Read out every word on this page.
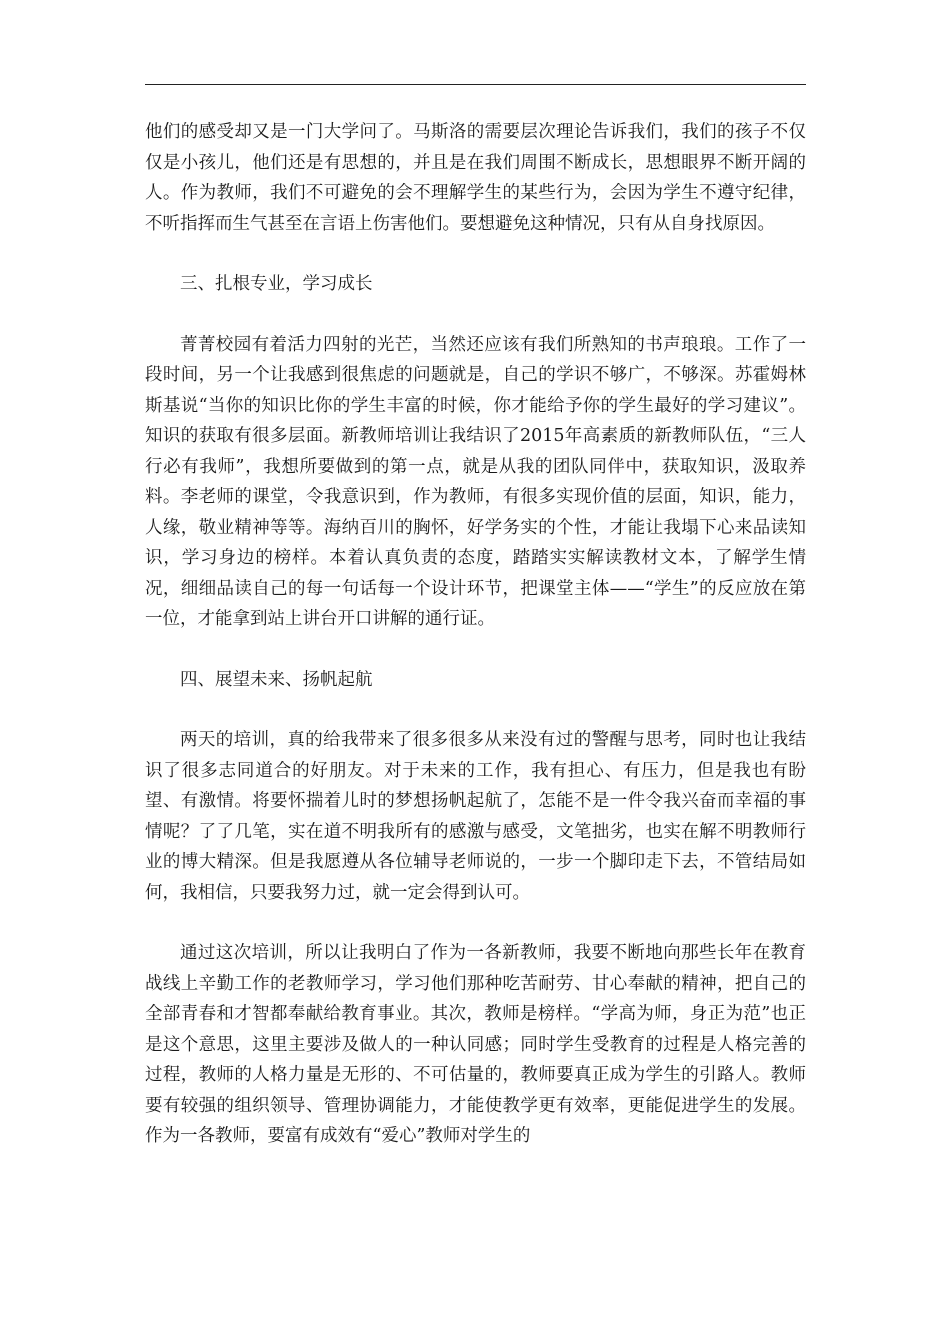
他们的感受却又是一门大学问了。马斯洛的需要层次理论告诉我们，我们的孩子不仅仅是小孩儿，他们还是有思想的，并且是在我们周围不断成长，思想眼界不断开阔的人。作为教师，我们不可避免的会不理解学生的某些行为，会因为学生不遵守纪律，不听指挥而生气甚至在言语上伤害他们。要想避免这种情况，只有从自身找原因。

三、扎根专业，学习成长

菁菁校园有着活力四射的光芒，当然还应该有我们所熟知的书声琅琅。工作了一段时间，另一个让我感到很焦虑的问题就是，自己的学识不够广，不够深。苏霍姆林斯基说“当你的知识比你的学生丰富的时候，你才能给予你的学生最好的学习建议”。知识的获取有很多层面。新教师培训让我结识了2015年高素质的新教师队伍，“三人行必有我师”，我想所要做到的第一点，就是从我的团队同伴中，获取知识，汲取养料。李老师的课堂，令我意识到，作为教师，有很多实现价值的层面，知识，能力，人缘，敬业精神等等。海纳百川的胸怀，好学务实的个性，才能让我塌下心来品读知识，学习身边的榜样。本着认真负责的态度，踏踏实实解读教材文本，了解学生情况，细细品读自己的每一句话每一个设计环节，把课堂主体——“学生”的反应放在第一位，才能拿到站上讲台开口讲解的通行证。

四、展望未来、扬帆起航

两天的培训，真的给我带来了很多很多从来没有过的警醒与思考，同时也让我结识了很多志同道合的好朋友。对于未来的工作，我有担心、有压力，但是我也有盼望、有激情。将要怀揣着儿时的梦想扬帆起航了，怎能不是一件令我兴奋而幸福的事情呢？了了几笔，实在道不明我所有的感激与感受，文笔拙劣，也实在解不明教师行业的博大精深。但是我愿遵从各位辅导老师说的，一步一个脚印走下去，不管结局如何，我相信，只要我努力过，就一定会得到认可。

通过这次培训，所以让我明白了作为一各新教师，我要不断地向那些长年在教育战线上辛勤工作的老教师学习，学习他们那种吃苦耐劳、甘心奉献的精神，把自己的全部青春和才智都奉献给教育事业。其次，教师是榜样。“学高为师，身正为范”也正是这个意思，这里主要涉及做人的一种认同感；同时学生受教育的过程是人格完善的过程，教师的人格力量是无形的、不可估量的，教师要真正成为学生的引路人。教师要有较强的组织领导、管理协调能力，才能使教学更有效率，更能促进学生的发展。作为一各教师，要富有成效有“爱心”教师对学生的
